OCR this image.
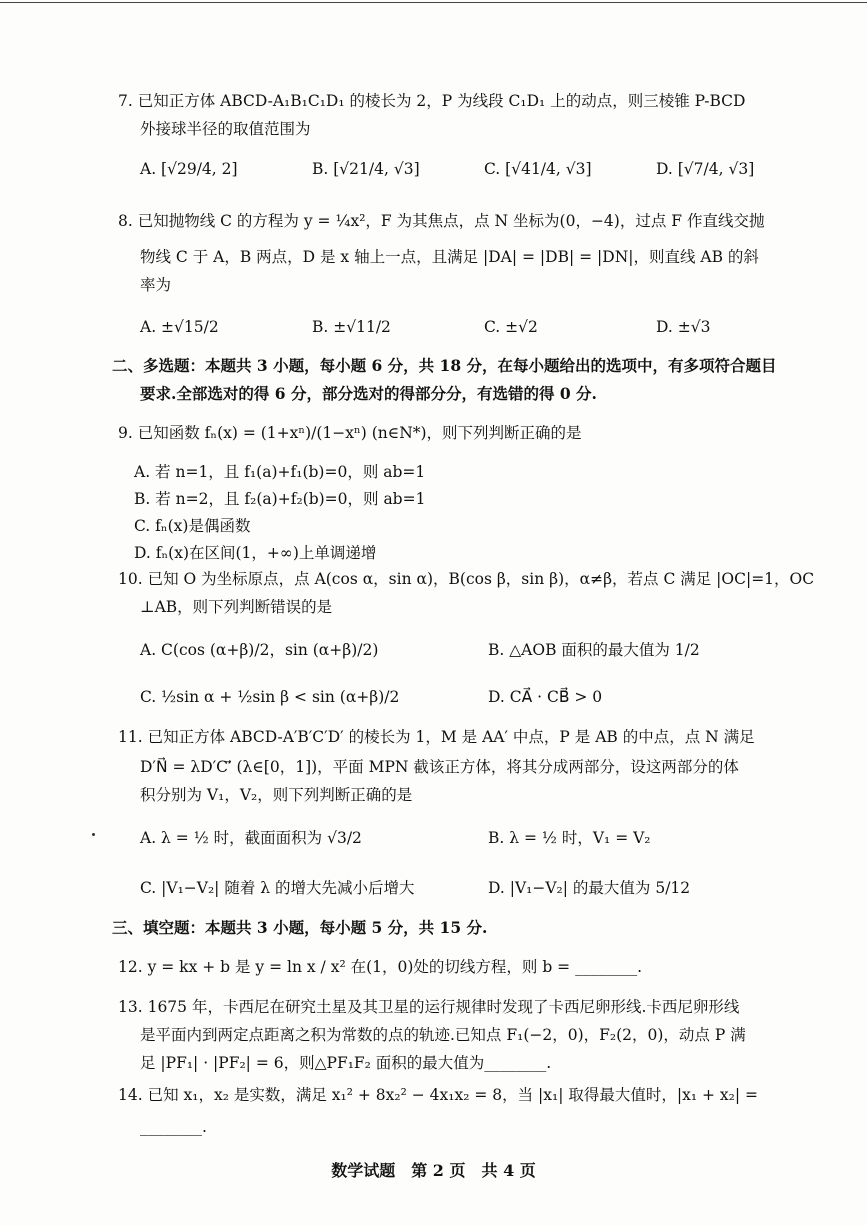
7. 已知正方体 ABCD-A₁B₁C₁D₁ 的棱长为 2，P 为线段 C₁D₁ 上的动点，则三棱锥 P-BCD
外接球半径的取值范围为
A. [√29/4, 2]	B. [√21/4, √3]	C. [√41/4, √3]	D. [√7/4, √3]
8. 已知抛物线 C 的方程为 y = ¼x²，F 为其焦点，点 N 坐标为(0，−4)，过点 F 作直线交抛
物线 C 于 A，B 两点，D 是 x 轴上一点，且满足 |DA| = |DB| = |DN|，则直线 AB 的斜
率为
A. ±√15/2	B. ±√11/2	C. ±√2	D. ±√3
二、多选题：本题共 3 小题，每小题 6 分，共 18 分，在每小题给出的选项中，有多项符合题目
要求.全部选对的得 6 分，部分选对的得部分分，有选错的得 0 分.
9. 已知函数 fₙ(x) = (1+xⁿ)/(1−xⁿ) (n∈N*)，则下列判断正确的是
A. 若 n=1，且 f₁(a)+f₁(b)=0，则 ab=1
B. 若 n=2，且 f₂(a)+f₂(b)=0，则 ab=1
C. fₙ(x)是偶函数
D. fₙ(x)在区间(1，+∞)上单调递增
10. 已知 O 为坐标原点，点 A(cos α，sin α)，B(cos β，sin β)，α≠β，若点 C 满足 |OC|=1，OC
⊥AB，则下列判断错误的是
A. C(cos (α+β)/2，sin (α+β)/2)	B. △AOB 面积的最大值为 1/2
C. ½sin α + ½sin β < sin (α+β)/2	D. CA⃗ · CB⃗ > 0
11. 已知正方体 ABCD-A′B′C′D′ 的棱长为 1，M 是 AA′ 中点，P 是 AB 的中点，点 N 满足
D′N⃗ = λD′C′⃗ (λ∈[0，1])，平面 MPN 截该正方体，将其分成两部分，设这两部分的体
积分别为 V₁，V₂，则下列判断正确的是
A. λ = ½ 时，截面面积为 √3/2	B. λ = ½ 时，V₁ = V₂
C. |V₁−V₂| 随着 λ 的增大先减小后增大	D. |V₁−V₂| 的最大值为 5/12
三、填空题：本题共 3 小题，每小题 5 分，共 15 分.
12. y = kx + b 是 y = ln x / x² 在(1，0)处的切线方程，则 b = ________.
13. 1675 年，卡西尼在研究土星及其卫星的运行规律时发现了卡西尼卵形线.卡西尼卵形线
是平面内到两定点距离之积为常数的点的轨迹.已知点 F₁(−2，0)，F₂(2，0)，动点 P 满
足 |PF₁| · |PF₂| = 6，则△PF₁F₂ 面积的最大值为________.
14. 已知 x₁，x₂ 是实数，满足 x₁² + 8x₂² − 4x₁x₂ = 8，当 |x₁| 取得最大值时，|x₁ + x₂| =
________.
数学试题　第 2 页　共 4 页
